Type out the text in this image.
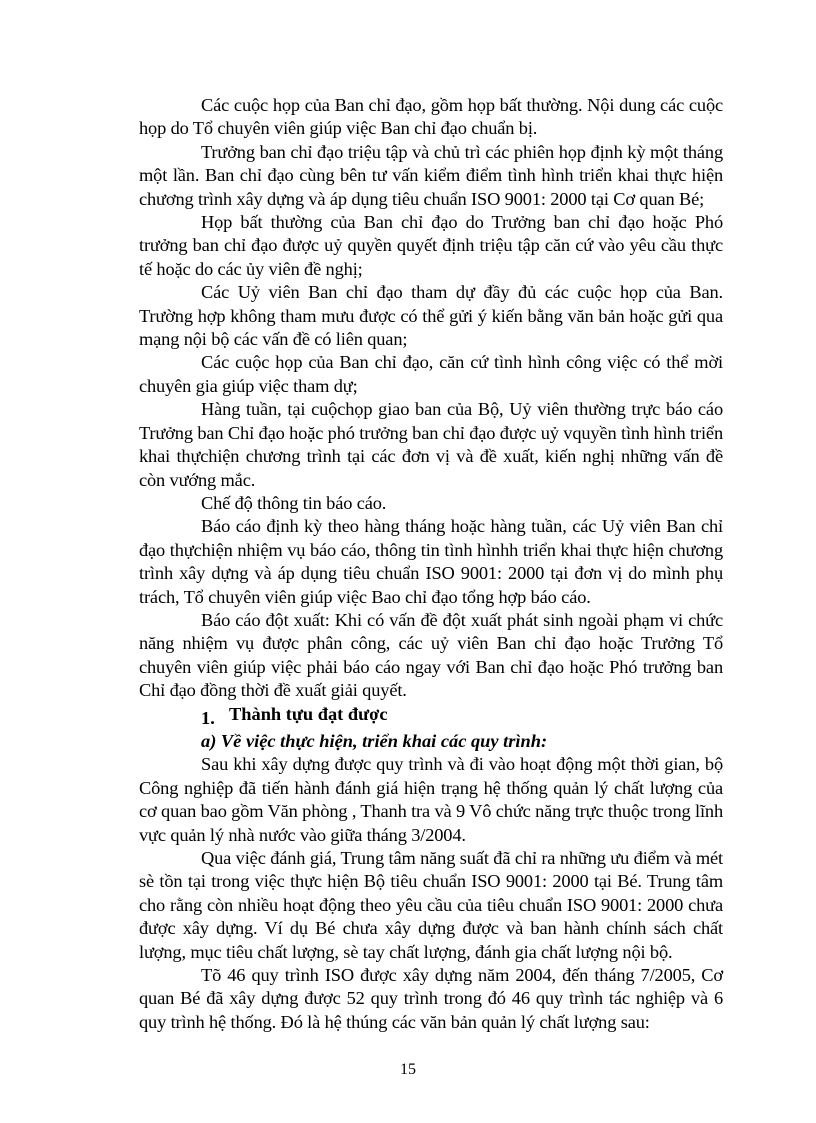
Các cuộc họp của Ban chỉ đạo, gồm họp bất thường. Nội dung các cuộc họp do Tổ chuyên viên giúp việc Ban chỉ đạo chuẩn bị.

Trưởng ban chỉ đạo triệu tập và chủ trì các phiên họp định kỳ một tháng một lần. Ban chỉ đạo cùng bên tư vấn kiểm điểm tình hình triển khai thực hiện chương trình xây dựng và áp dụng tiêu chuẩn ISO 9001: 2000 tại Cơ quan Bé;

Họp bất thường của Ban chỉ đạo do Trưởng ban chỉ đạo hoặc Phó trưởng ban chỉ đạo được uỷ quyền quyết định triệu tập căn cứ vào yêu cầu thực tế hoặc do các ủy viên đề nghị;

Các Uỷ viên Ban chỉ đạo tham dự đầy đủ các cuộc họp của Ban. Trường hợp không tham mưu được có thể gửi ý kiến bằng văn bản hoặc gửi qua mạng nội bộ các vấn đề có liên quan;

Các cuộc họp của Ban chỉ đạo, căn cứ tình hình công việc có thể mời chuyên gia giúp việc tham dự;

Hàng tuần, tại cuộchọp giao ban của Bộ, Uỷ viên thường trực báo cáo Trưởng ban Chỉ đạo hoặc phó trưởng ban chỉ đạo được uỷ vquyền tình hình triển khai thựchiện chương trình tại các đơn vị và đề xuất, kiến nghị những vấn đề còn vướng mắc.

Chế độ thông tin báo cáo.

Báo cáo định kỳ theo hàng tháng hoặc hàng tuần, các Uỷ viên Ban chỉ đạo thựchiện nhiệm vụ báo cáo, thông tin tình hìnhh triển khai thực hiện chương trình xây dựng và áp dụng tiêu chuẩn ISO 9001: 2000 tại đơn vị do mình phụ trách, Tổ chuyên viên giúp việc Bao chỉ đạo tổng hợp báo cáo.

Báo cáo đột xuất: Khi có vấn đề đột xuất phát sinh ngoài phạm vi chức năng nhiệm vụ được phân công, các uỷ viên Ban chỉ đạo hoặc Trưởng Tổ chuyên viên giúp việc phải báo cáo ngay với Ban chỉ đạo hoặc Phó trưởng ban Chỉ đạo đồng thời đề xuất giải quyết.

1. Thành tựu đạt được

a) Về việc thực hiện, triển khai các quy trình:

Sau khi xây dựng được quy trình và đi vào hoạt động một thời gian, bộ Công nghiệp đã tiến hành đánh giá hiện trạng hệ thống quản lý chất lượng của cơ quan bao gồm Văn phòng , Thanh tra và 9 Vô chức năng trực thuộc trong lĩnh vực quản lý nhà nước vào giữa tháng 3/2004.

Qua việc đánh giá, Trung tâm năng suất đã chỉ ra những ưu điểm và mét sè tồn tại trong việc thực hiện Bộ tiêu chuẩn ISO 9001: 2000 tại Bé. Trung tâm cho rằng còn nhiều hoạt động theo yêu cầu của tiêu chuẩn ISO 9001: 2000 chưa được xây dựng. Ví dụ Bé chưa xây dựng được và ban hành chính sách chất lượng, mục tiêu chất lượng, sè tay chất lượng, đánh gia chất lượng nội bộ.

Tõ 46 quy trình ISO được xây dựng năm 2004, đến tháng 7/2005, Cơ quan Bé đã xây dựng được 52 quy trình trong đó 46 quy trình tác nghiệp và 6 quy trình hệ thống. Đó là hệ thúng các văn bản quản lý chất lượng sau:

15
